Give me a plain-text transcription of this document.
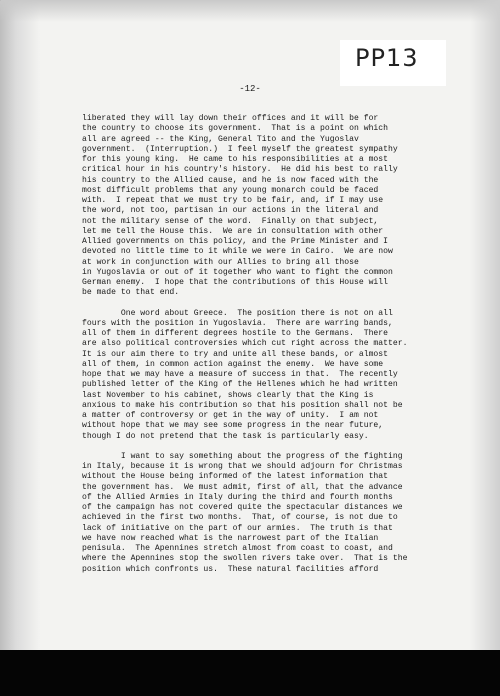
PP13
-12-
liberated they will lay down their offices and it will be for
the country to choose its government.  That is a point on which
all are agreed -- the King, General Tito and the Yugoslav
government.  (Interruption.)  I feel myself the greatest sympathy
for this young king.  He came to his responsibilities at a most
critical hour in his country's history.  He did his best to rally
his country to the Allied cause, and he is now faced with the
most difficult problems that any young monarch could be faced
with.  I repeat that we must try to be fair, and, if I may use
the word, not too, partisan in our actions in the literal and
not the military sense of the word.  Finally on that subject,
let me tell the House this.  We are in consultation with other
Allied governments on this policy, and the Prime Minister and I
devoted no little time to it while we were in Cairo.  We are now
at work in conjunction with our Allies to bring all those
in Yugoslavia or out of it together who want to fight the common
German enemy.  I hope that the contributions of this House will
be made to that end.
One word about Greece.  The position there is not on all
fours with the position in Yugoslavia.  There are warring bands,
all of them in different degrees hostile to the Germans.  There
are also political controversies which cut right across the matter.
It is our aim there to try and unite all these bands, or almost
all of them, in common action against the enemy.  We have some
hope that we may have a measure of success in that.  The recently
published letter of the King of the Hellenes which he had written
last November to his cabinet, shows clearly that the King is
anxious to make his contribution so that his position shall not be
a matter of controversy or get in the way of unity.  I am not
without hope that we may see some progress in the near future,
though I do not pretend that the task is particularly easy.
I want to say something about the progress of the fighting
in Italy, because it is wrong that we should adjourn for Christmas
without the House being informed of the latest information that
the government has.  We must admit, first of all, that the advance
of the Allied Armies in Italy during the third and fourth months
of the campaign has not covered quite the spectacular distances we
achieved in the first two months.  That, of course, is not due to
lack of initiative on the part of our armies.  The truth is that
we have now reached what is the narrowest part of the Italian
penisula.  The Apennines stretch almost from coast to coast, and
where the Apennines stop the swollen rivers take over.  That is the
position which confronts us.  These natural facilities afford
